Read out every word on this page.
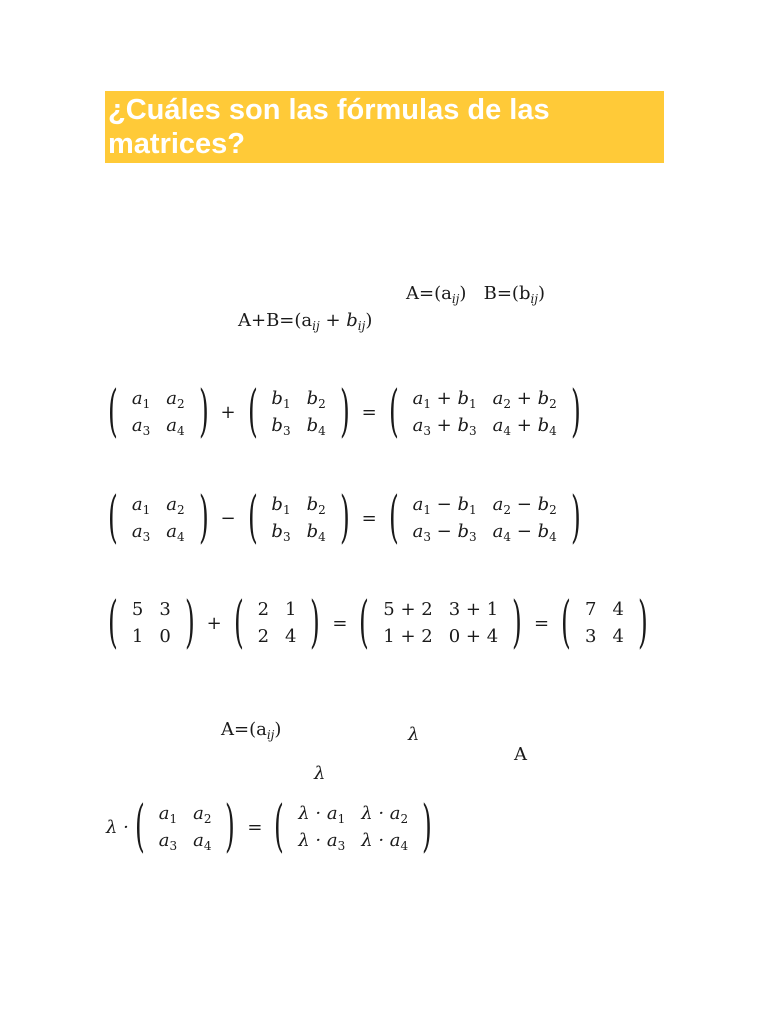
¿Cuáles son las fórmulas de las matrices?

$A=(a_{ij})$ $B=(b_{ij})$
$A+B=(a_{ij} + b_{ij})$
( $a_1$	$a_2$
$a_3$	$a_4$ ) + ( $b_1$	$b_2$
$b_3$	$b_4$ ) = ( $a_1 + b_1$	$a_2 + b_2$
$a_3 + b_3$	$a_4 + b_4$ )
( $a_1$	$a_2$
$a_3$	$a_4$ ) − ( $b_1$	$b_2$
$b_3$	$b_4$ ) = ( $a_1 - b_1$	$a_2 - b_2$
$a_3 - b_3$	$a_4 - b_4$ )
( 5	3
1	0 ) + ( 2	1
2	4 ) = ( 5 + 2	3 + 1
1 + 2	0 + 4 ) = ( 7	4
3	4 )
$A=(a_{ij})$	λ
A
λ
λ · ( $a_1$	$a_2$
$a_3$	$a_4$ ) = ( $\lambda \cdot a_1$	$\lambda \cdot a_2$
$\lambda \cdot a_3$	$\lambda \cdot a_4$ )
